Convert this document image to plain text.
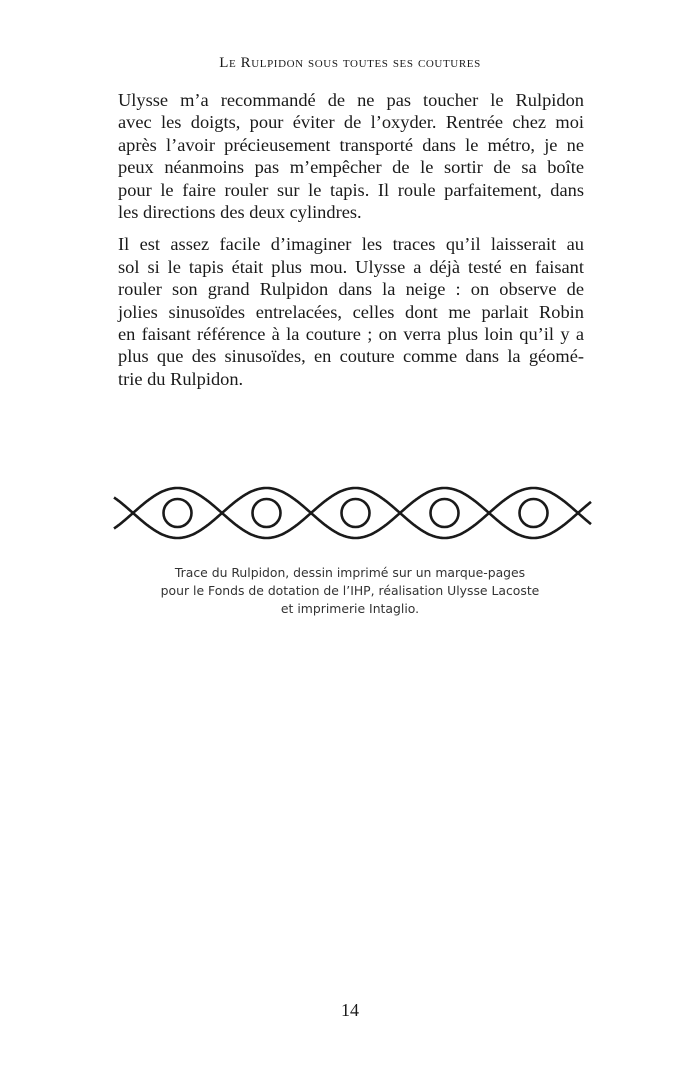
Le Rulpidon sous toutes ses coutures

Ulysse m’a recommandé de ne pas toucher le Rulpidon
avec les doigts, pour éviter de l’oxyder. Rentrée chez moi
après l’avoir précieusement transporté dans le métro, je ne
peux néanmoins pas m’empêcher de le sortir de sa boîte
pour le faire rouler sur le tapis. Il roule parfaitement, dans
les directions des deux cylindres.

Il est assez facile d’imaginer les traces qu’il laisserait au
sol si le tapis était plus mou. Ulysse a déjà testé en faisant
rouler son grand Rulpidon dans la neige : on observe de
jolies sinusoïdes entrelacées, celles dont me parlait Robin
en faisant référence à la couture ; on verra plus loin qu’il y a
plus que des sinusoïdes, en couture comme dans la géomé-
trie du Rulpidon.

Trace du Rulpidon, dessin imprimé sur un marque-pages
pour le Fonds de dotation de l’IHP, réalisation Ulysse Lacoste
et imprimerie Intaglio.
14
